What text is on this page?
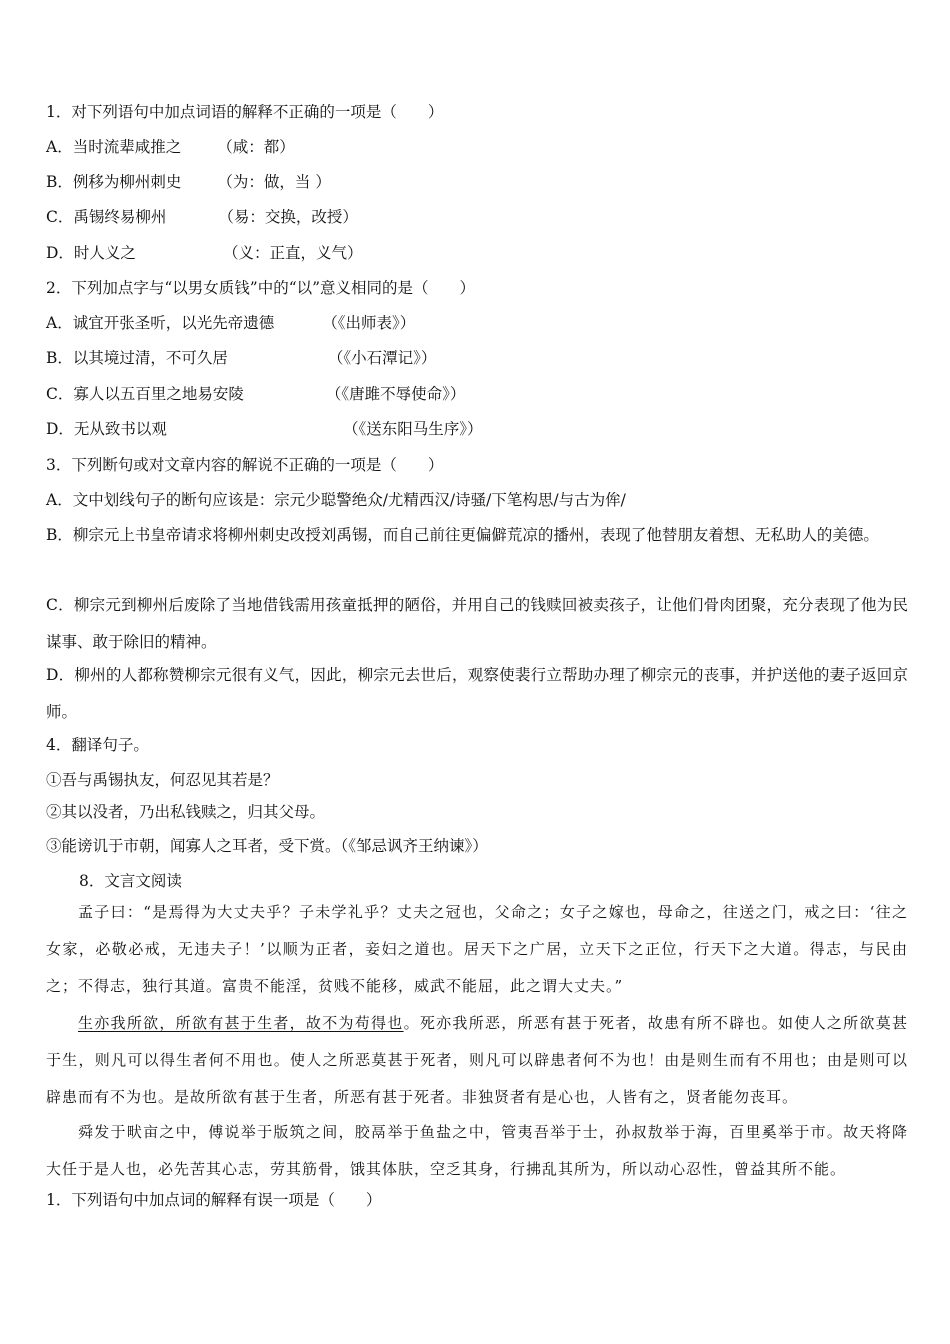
1．对下列语句中加点词语的解释不正确的一项是（　　）
A．当时流辈咸推之 （咸：都）
B．例移为柳州刺史 （为：做，当 ）
C．禹锡终易柳州	（易：交换，改授）
D．时人义之	（义：正直，义气）
2．下列加点字与“以男女质钱”中的“以”意义相同的是（　　）
A．诚宜开张圣听，以光先帝遗德	（《出师表》）
B．以其境过清，不可久居	（《小石潭记》）
C．寡人以五百里之地易安陵	（《唐雎不辱使命》）
D．无从致书以观	（《送东阳马生序》）
3．下列断句或对文章内容的解说不正确的一项是（　　）
A．文中划线句子的断句应该是：宗元少聪警绝众/尤精西汉/诗骚/下笔构思/与古为侔/
B．柳宗元上书皇帝请求将柳州刺史改授刘禹锡，而自己前往更偏僻荒凉的播州，表现了他替朋友着想、无私助人的美德。
C．柳宗元到柳州后废除了当地借钱需用孩童抵押的陋俗，并用自己的钱赎回被卖孩子，让他们骨肉团聚，充分表现了他为民谋事、敢于除旧的精神。
D．柳州的人都称赞柳宗元很有义气，因此，柳宗元去世后，观察使裴行立帮助办理了柳宗元的丧事，并护送他的妻子返回京师。
4．翻译句子。
①吾与禹锡执友，何忍见其若是？
②其以没者，乃出私钱赎之，归其父母。
③能谤讥于市朝，闻寡人之耳者，受下赏。（《邹忌讽齐王纳谏》）
8．文言文阅读
孟子曰：“是焉得为大丈夫乎？子未学礼乎？丈夫之冠也，父命之；女子之嫁也，母命之，往送之门，戒之曰：‘往之女家，必敬必戒，无违夫子！’以顺为正者，妾妇之道也。居天下之广居，立天下之正位，行天下之大道。得志，与民由之；不得志，独行其道。富贵不能淫，贫贱不能移，威武不能屈，此之谓大丈夫。”
生亦我所欲，所欲有甚于生者，故不为苟得也。死亦我所恶，所恶有甚于死者，故患有所不辟也。如使人之所欲莫甚于生，则凡可以得生者何不用也。使人之所恶莫甚于死者，则凡可以辟患者何不为也！由是则生而有不用也；由是则可以辟患而有不为也。是故所欲有甚于生者，所恶有甚于死者。非独贤者有是心也，人皆有之，贤者能勿丧耳。
舜发于畎亩之中，傅说举于版筑之间，胶鬲举于鱼盐之中，管夷吾举于士，孙叔敖举于海，百里奚举于市。故天将降大任于是人也，必先苦其心志，劳其筋骨，饿其体肤，空乏其身，行拂乱其所为，所以动心忍性，曾益其所不能。
1．下列语句中加点词的解释有误一项是（　　）
